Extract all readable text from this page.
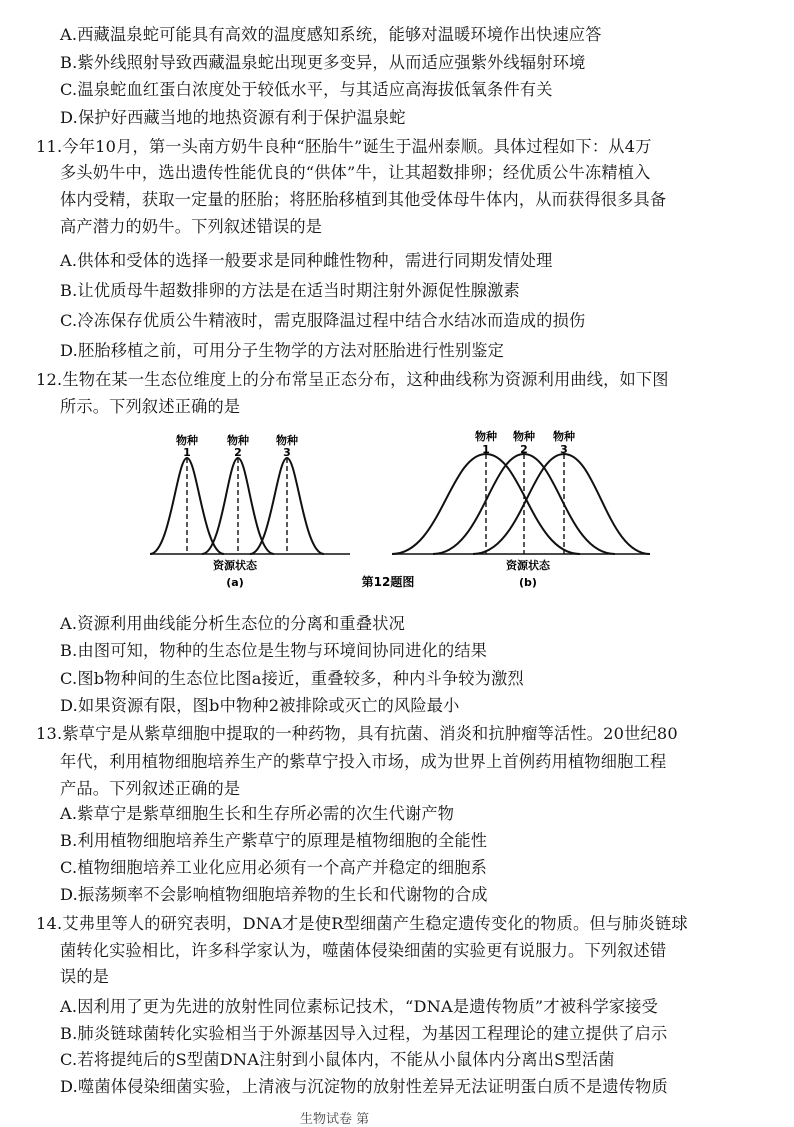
A.西藏温泉蛇可能具有高效的温度感知系统，能够对温暖环境作出快速应答
B.紫外线照射导致西藏温泉蛇出现更多变异，从而适应强紫外线辐射环境
C.温泉蛇血红蛋白浓度处于较低水平，与其适应高海拔低氧条件有关
D.保护好西藏当地的地热资源有利于保护温泉蛇
11.今年10月，第一头南方奶牛良种“胚胎牛”诞生于温州泰顺。具体过程如下：从4万
多头奶牛中，选出遗传性能优良的“供体”牛，让其超数排卵；经优质公牛冻精植入
体内受精，获取一定量的胚胎；将胚胎移植到其他受体母牛体内，从而获得很多具备
高产潜力的奶牛。下列叙述错误的是
A.供体和受体的选择一般要求是同种雌性物种，需进行同期发情处理
B.让优质母牛超数排卵的方法是在适当时期注射外源促性腺激素
C.冷冻保存优质公牛精液时，需克服降温过程中结合水结冰而造成的损伤
D.胚胎移植之前，可用分子生物学的方法对胚胎进行性别鉴定
12.生物在某一生态位维度上的分布常呈正态分布，这种曲线称为资源利用曲线，如下图
所示。下列叙述正确的是
物种	物种 物种
1	2	3
资源状态
(a)
物种 物种 物种
1	2	3
资源状态
(b)
第12题图
A.资源利用曲线能分析生态位的分离和重叠状况
B.由图可知，物种的生态位是生物与环境间协同进化的结果
C.图b物种间的生态位比图a接近，重叠较多，种内斗争较为激烈
D.如果资源有限，图b中物种2被排除或灭亡的风险最小
13.紫草宁是从紫草细胞中提取的一种药物，具有抗菌、消炎和抗肿瘤等活性。20世纪80
年代，利用植物细胞培养生产的紫草宁投入市场，成为世界上首例药用植物细胞工程
产品。下列叙述正确的是
A.紫草宁是紫草细胞生长和生存所必需的次生代谢产物
B.利用植物细胞培养生产紫草宁的原理是植物细胞的全能性
C.植物细胞培养工业化应用必须有一个高产并稳定的细胞系
D.振荡频率不会影响植物细胞培养物的生长和代谢物的合成
14.艾弗里等人的研究表明，DNA才是使R型细菌产生稳定遗传变化的物质。但与肺炎链球
菌转化实验相比，许多科学家认为，噬菌体侵染细菌的实验更有说服力。下列叙述错
误的是
A.因利用了更为先进的放射性同位素标记技术，“DNA是遗传物质”才被科学家接受
B.肺炎链球菌转化实验相当于外源基因导入过程，为基因工程理论的建立提供了启示
C.若将提纯后的S型菌DNA注射到小鼠体内，不能从小鼠体内分离出S型活菌
D.噬菌体侵染细菌实验，上清液与沉淀物的放射性差异无法证明蛋白质不是遗传物质
生物试卷 第
